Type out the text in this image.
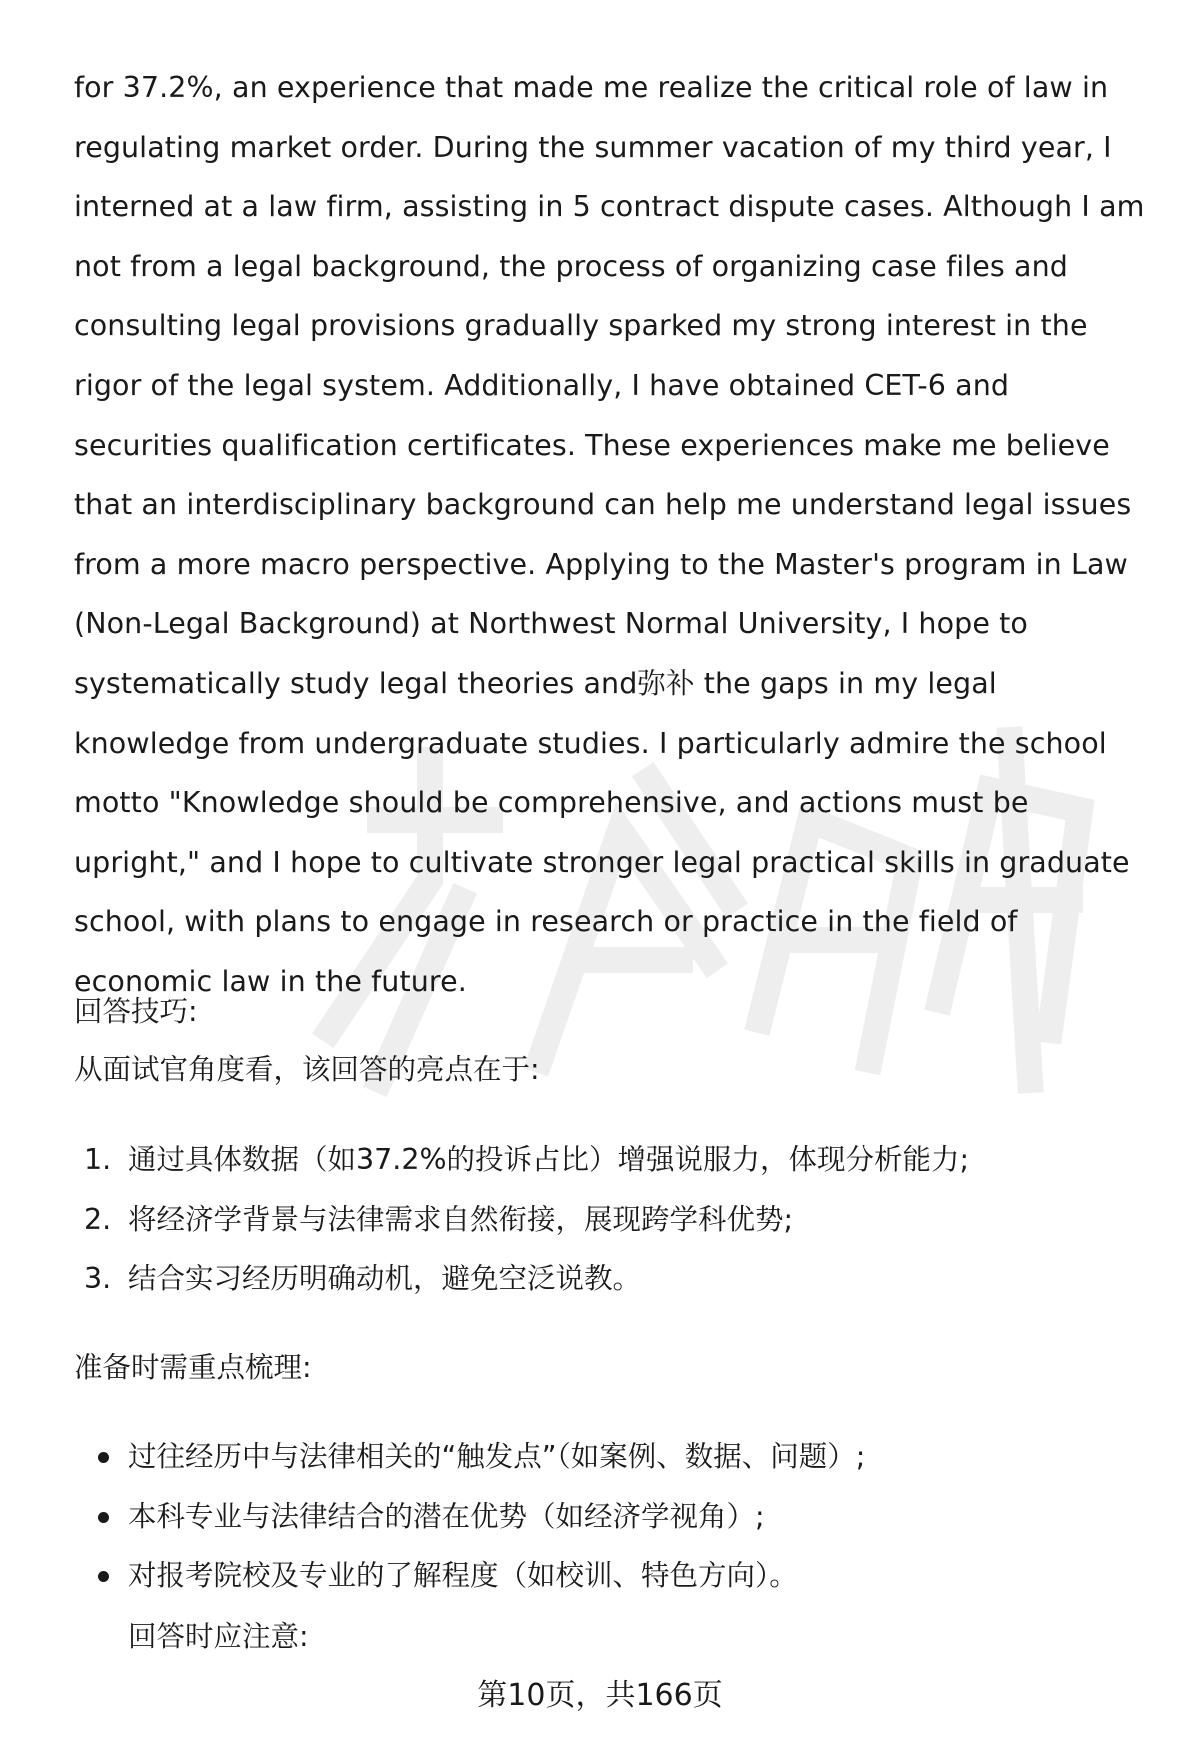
for 37.2%, an experience that made me realize the critical role of law in regulating market order. During the summer vacation of my third year, I interned at a law firm, assisting in 5 contract dispute cases. Although I am not from a legal background, the process of organizing case files and consulting legal provisions gradually sparked my strong interest in the rigor of the legal system. Additionally, I have obtained CET-6 and securities qualification certificates. These experiences make me believe that an interdisciplinary background can help me understand legal issues from a more macro perspective. Applying to the Master's program in Law (Non-Legal Background) at Northwest Normal University, I hope to systematically study legal theories and弥补 the gaps in my legal knowledge from undergraduate studies. I particularly admire the school motto "Knowledge should be comprehensive, and actions must be upright," and I hope to cultivate stronger legal practical skills in graduate school, with plans to engage in research or practice in the field of economic law in the future.

回答技巧:

从面试官角度看，该回答的亮点在于:

1. 通过具体数据（如37.2%的投诉占比）增强说服力，体现分析能力;
2. 将经济学背景与法律需求自然衔接，展现跨学科优势;
3. 结合实习经历明确动机，避免空泛说教。

准备时需重点梳理:

过往经历中与法律相关的“触发点”（如案例、数据、问题）;
本科专业与法律结合的潜在优势（如经济学视角）;
对报考院校及专业的了解程度（如校训、特色方向）。

回答时应注意:

第10页，共166页
